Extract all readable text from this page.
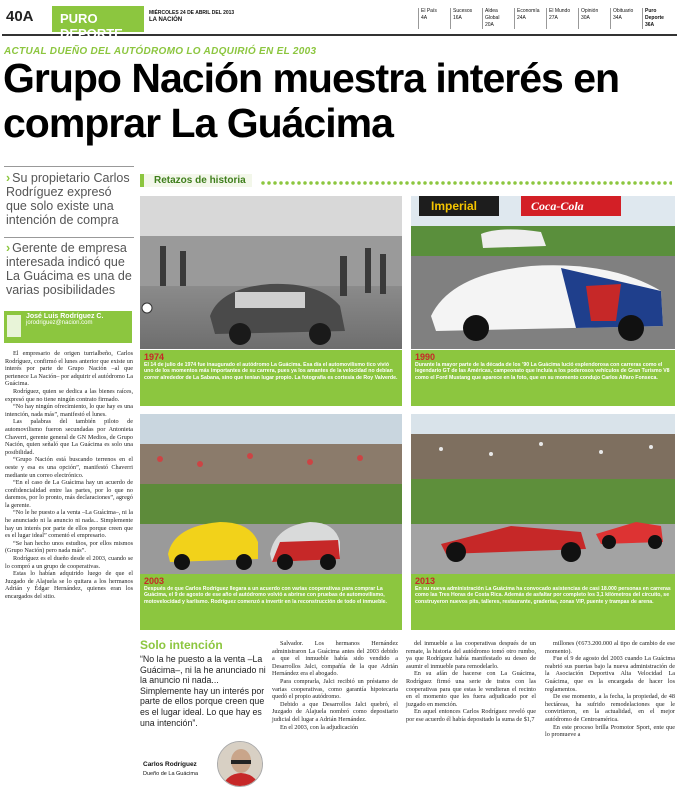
40A	PURO DEPORTE
MIÉRCOLES 24 DE ABRIL DEL 2013
LA NACIÓN
El País
4A
Sucesos
16A
Aldea Global
20A
Economía
24A
El Mundo
27A
Opinión
30A
Obituario
34A
Puro Deporte
36A
ACTUAL DUEÑO DEL AUTÓDROMO LO ADQUIRIÓ EN EL 2003
Grupo Nación muestra interés en comprar La Guácima
› Su propietario Carlos Rodríguez expresó que solo existe una intención de compra
› Gerente de empresa interesada indicó que La Guácima es una de varias posibilidades
José Luis Rodríguez C.
jorodriguez@nacion.com

El empresario de origen turrialbeño, Carlos Rodríguez, confirmó el lunes anterior que existe un interés por parte de Grupo Nación –al que pertenece La Nación– por adquirir el autódromo La Guácima.

Rodríguez, quien se dedica a las bienes raíces, expresó que no tiene ningún contrato firmado.

“No hay ningún ofrecimiento, lo que hay es una intención, nada más”, manifestó el lunes.

Las palabras del también piloto de automovilismo fueron secundadas por Antonieta Chaverri, gerente general de GN Medios, de Grupo Nación, quien señaló que La Guácima es solo una posibilidad.

“Grupo Nación está buscando terrenos en el oeste y esa es una opción”, manifestó Chaverri mediante un correo electrónico.

“En el caso de La Guácima hay un acuerdo de confidencialidad entre las partes, por lo que no daremos, por lo pronto, más declaraciones”, agregó la gerente.

“No le he puesto a la venta –La Guácima–, ni la he anunciado ni la anuncio ni nada... Simplemente hay un interés por parte de ellos porque creen que es el lugar ideal” comentó el empresario.

“Se han hecho unos estudios, por ellos mismos (Grupo Nación) pero nada más”.

Rodríguez es el dueño desde el 2003, cuando se lo compró a un grupo de cooperativas.

Estas lo habían adquirido luego de que el Juzgado de Alajuela se lo quitara a los hermanos Adrián y Édgar Hernández, quienes eran los encargados del sitio.

Retazos de historia
1974
El 14 de julio de 1974 fue inaugurado el autódromo La Guácima. Esa día el automovilismo tico vivió uno de los momentos más importantes de su carrera, pues ya los amantes de la velocidad no debían correr alrededor de La Sabana, sino que tenían lugar propio. La fotografía es cortesía de Roy Valverde.
Imperial	Coca-Cola
1990
Durante la mayor parte de la década de los ’90 La Guácima lució esplendorosa con carreras como el legendario GT de las Américas, campeonato que incluía a los poderosos vehículos de Gran Turismo V8 como el Ford Mustang que aparece en la foto, que en su momento condujo Carlos Alfaro Fonseca.
2003
Después de que Carlos Rodríguez llegara a un acuerdo con varias cooperativas para comprar La Guácima, el 9 de agosto de ese año el autódromo volvió a abrirse con pruebas de automovilismo, motovelocidad y karlismo. Rodríguez comenzó a invertir en la reconstrucción de todo el inmueble.
2013
En su nueva administración La Guácima ha convocado asistencias de casi 18.000 personas en carreras como las Tres Horas de Costa Rica. Además de asfaltar por completo los 3,1 kilómetros del circuito, se construyeron nuevos pits, talleres, restaurante, graderías, zonas VIP, puente y trampas de arena.
Solo intención
“No la he puesto a la venta –La Guácima–, ni la he anunciado ni la anuncio ni nada... Simplemente hay un interés por parte de ellos porque creen que es el lugar ideal. Lo que hay es una intención”.
Carlos Rodríguez
Dueño de La Guácima

Salvador. Los hermanos Hernández administraron La Guácima antes del 2003 debido a que el inmueble había sido vendido a Desarrollos Jalci, compañía de la que Adrián Hernández era el abogado.

Para comprarla, Jalci recibió un préstamo de varias cooperativas, como garantía hipotecaria quedó el propio autódromo.

Debido a que Desarrollos Jalci quebró, el Juzgado de Alajuela nombró como depositario judicial del lugar a Adrián Hernández.

En el 2003, con la adjudicación

del inmueble a las cooperativas después de un remate, la historia del autódromo tomó otro rumbo, ya que Rodríguez había manifestado su deseo de asumir el inmueble para remodelarlo.

En su afán de hacerse con La Guácima, Rodríguez firmó una serie de tratos con las cooperativas para que estas le vendieran el recinto en el momento que les fuera adjudicado por el juzgado en mención.

En aquel entonces Carlos Rodríguez reveló que por ese acuerdo él había depositado la suma de $1,7

millones (¢673.200.000 al tipo de cambio de ese momento).

Fue el 9 de agosto del 2003 cuando La Guácima reabrió sus puertas bajo la nueva administración de la Asociación Deportiva Alta Velocidad La Guácima, que es la encargada de hacer los reglamentos.

De ese momento, a la fecha, la propiedad, de 48 hectáreas, ha sufrido remodelaciones que le convirtieron, en la actualidad, en el mejor autódromo de Centroamérica.

En este proceso brilla Promotor Sport, ente que lo promueve a
